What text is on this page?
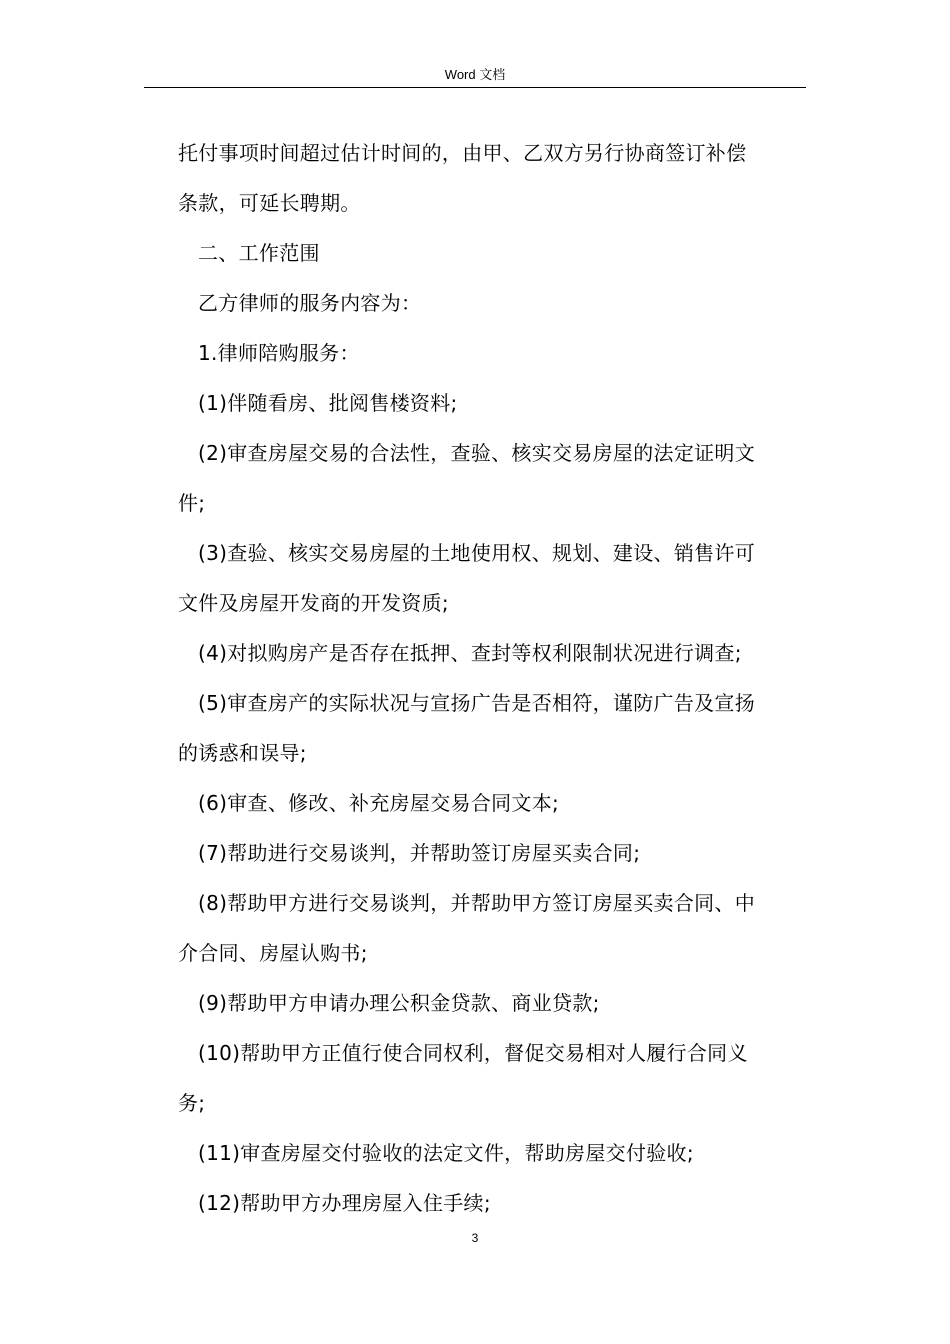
Word 文档

托付事项时间超过估计时间的，由甲、乙双方另行协商签订补偿

条款，可延长聘期。

二、工作范围

乙方律师的服务内容为：

1.律师陪购服务：

(1)伴随看房、批阅售楼资料;

(2)审查房屋交易的合法性，查验、核实交易房屋的法定证明文

件;

(3)查验、核实交易房屋的土地使用权、规划、建设、销售许可

文件及房屋开发商的开发资质;

(4)对拟购房产是否存在抵押、查封等权利限制状况进行调查;

(5)审查房产的实际状况与宣扬广告是否相符，谨防广告及宣扬

的诱惑和误导;

(6)审查、修改、补充房屋交易合同文本;

(7)帮助进行交易谈判，并帮助签订房屋买卖合同;

(8)帮助甲方进行交易谈判，并帮助甲方签订房屋买卖合同、中

介合同、房屋认购书;

(9)帮助甲方申请办理公积金贷款、商业贷款;

(10)帮助甲方正值行使合同权利，督促交易相对人履行合同义

务;

(11)审查房屋交付验收的法定文件，帮助房屋交付验收;

(12)帮助甲方办理房屋入住手续;

3
